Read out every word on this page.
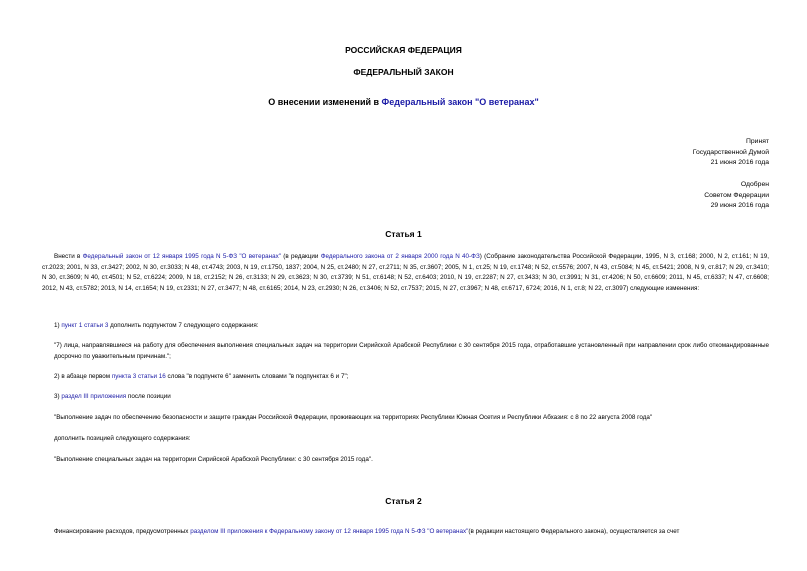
РОССИЙСКАЯ ФЕДЕРАЦИЯ
ФЕДЕРАЛЬНЫЙ ЗАКОН
О внесении изменений в Федеральный закон "О ветеранах"
Принят
Государственной Думой
21 июня 2016 года
Одобрен
Советом Федерации
29 июня 2016 года
Статья 1
Внести в Федеральный закон от 12 января 1995 года N 5-ФЗ "О ветеранах" (в редакции Федерального закона от 2 января 2000 года N 40-ФЗ) (Собрание законодательства Российской Федерации, 1995, N 3, ст.168; 2000, N 2, ст.161; N 19, ст.2023; 2001, N 33, ст.3427; 2002, N 30, ст.3033; N 48, ст.4743; 2003, N 19, ст.1750, 1837; 2004, N 25, ст.2480; N 27, ст.2711; N 35, ст.3607; 2005, N 1, ст.25; N 19, ст.1748; N 52, ст.5576; 2007, N 43, ст.5084; N 45, ст.5421; 2008, N 9, ст.817; N 29, ст.3410; N 30, ст.3609; N 40, ст.4501; N 52, ст.6224; 2009, N 18, ст.2152; N 26, ст.3133; N 29, ст.3623; N 30, ст.3739; N 51, ст.6148; N 52, ст.6403; 2010, N 19, ст.2287; N 27, ст.3433; N 30, ст.3991; N 31, ст.4206; N 50, ст.6609; 2011, N 45, ст.6337; N 47, ст.6608; 2012, N 43, ст.5782; 2013, N 14, ст.1654; N 19, ст.2331; N 27, ст.3477; N 48, ст.6165; 2014, N 23, ст.2930; N 26, ст.3406; N 52, ст.7537; 2015, N 27, ст.3967; N 48, ст.6717, 6724; 2016, N 1, ст.8; N 22, ст.3097) следующие изменения:
1) пункт 1 статьи 3 дополнить подпунктом 7 следующего содержания:
"7) лица, направлявшиеся на работу для обеспечения выполнения специальных задач на территории Сирийской Арабской Республики с 30 сентября 2015 года, отработавшие установленный при направлении срок либо откомандированные досрочно по уважительным причинам.";
2) в абзаце первом пункта 3 статьи 16 слова "в подпункте 6" заменить словами "в подпунктах 6 и 7";
3) раздел III приложения после позиции
"Выполнение задач по обеспечению безопасности и защите граждан Российской Федерации, проживающих на территориях Республики Южная Осетия и Республики Абхазия: с 8 по 22 августа 2008 года"
дополнить позицией следующего содержания:
"Выполнение специальных задач на территории Сирийской Арабской Республики: с 30 сентября 2015 года".
Статья 2
Финансирование расходов, предусмотренных разделом III приложения к Федеральному закону от 12 января 1995 года N 5-ФЗ "О ветеранах"(в редакции настоящего Федерального закона), осуществляется за счет
